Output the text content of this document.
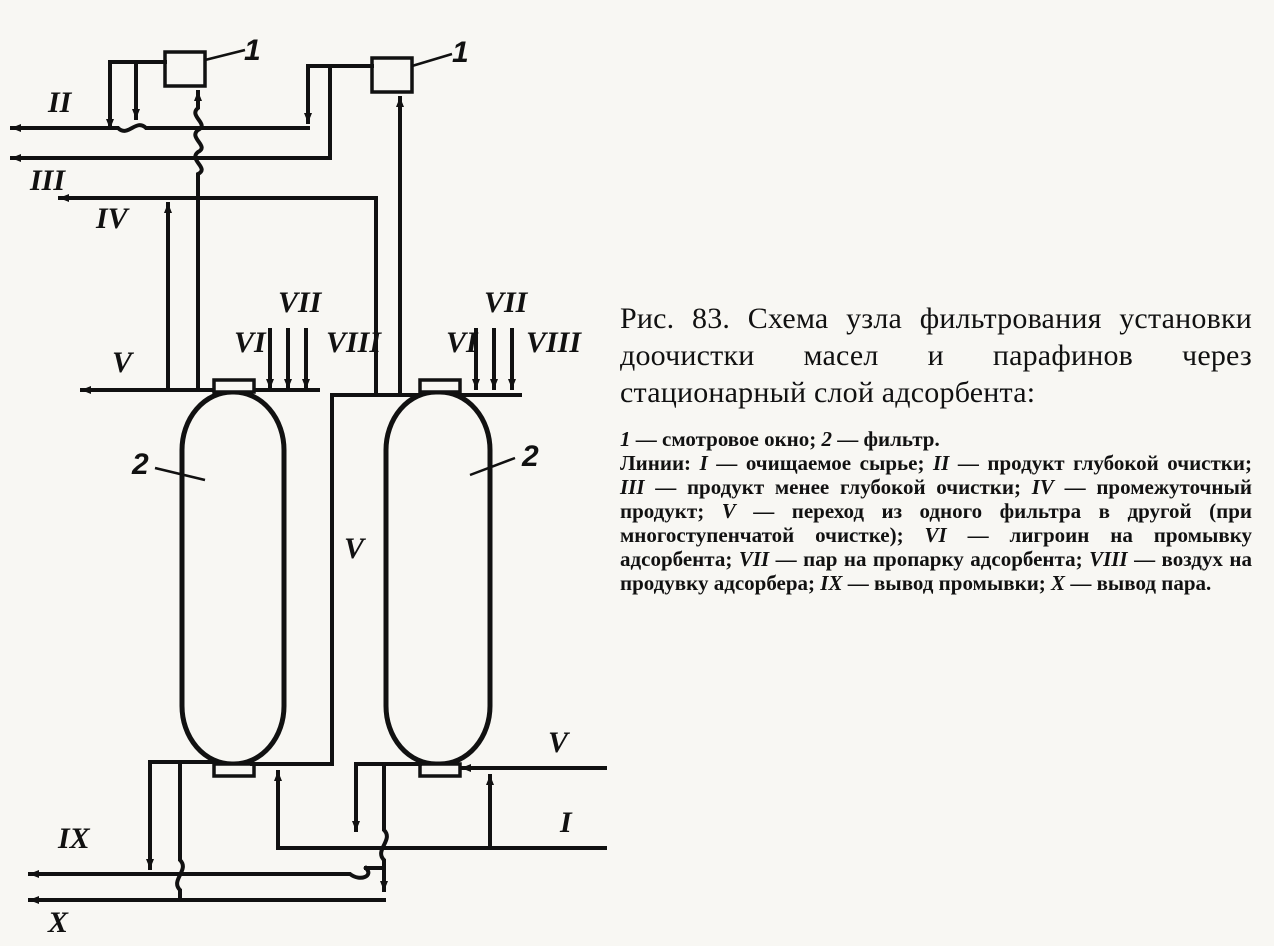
II
III
IV
V
VI
VII
VIII VI
VII
VIII
V
V
I
IX
X
1	1
2	2
Рис. 83. Схема узла фильтрования установки доочистки масел и парафинов через стационарный слой адсорбента:
1 — смотровое окно; 2 — фильтр.
Линии: I — очищаемое сырье; II — продукт глубокой очистки; III — продукт менее глубокой очистки; IV — промежуточный продукт; V — переход из одного фильтра в другой (при многоступенчатой очистке); VI — лигроин на промывку адсорбента; VII — пар на пропарку адсорбента; VIII — воздух на продувку адсорбера; IX — вывод промывки; X — вывод пара.
